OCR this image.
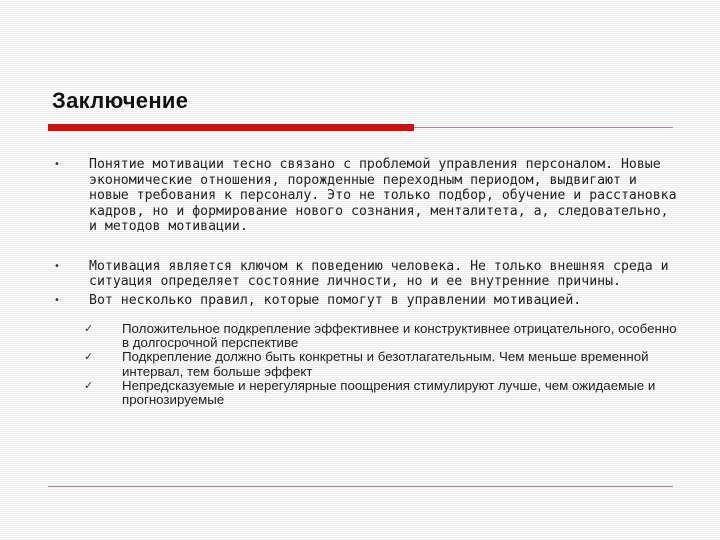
Заключение
• Понятие мотивации тесно связано с проблемой управления персоналом. Новые экономические отношения, порожденные переходным периодом, выдвигают и новые требования к персоналу. Это не только подбор, обучение и расстановка кадров, но и формирование нового сознания, менталитета, а, следовательно, и методов мотивации.
• Мотивация является ключом к поведению человека. Не только внешняя среда и ситуация определяет состояние личности, но и ее внутренние причины.
• Вот несколько правил, которые помогут в управлении мотивацией.
✓ Положительное подкрепление эффективнее и конструктивнее отрицательного, особенно в долгосрочной перспективе
✓ Подкрепление должно быть конкретны и безотлагательным. Чем меньше временной интервал, тем больше эффект
✓ Непредсказуемые и нерегулярные поощрения стимулируют лучше, чем ожидаемые и прогнозируемые
